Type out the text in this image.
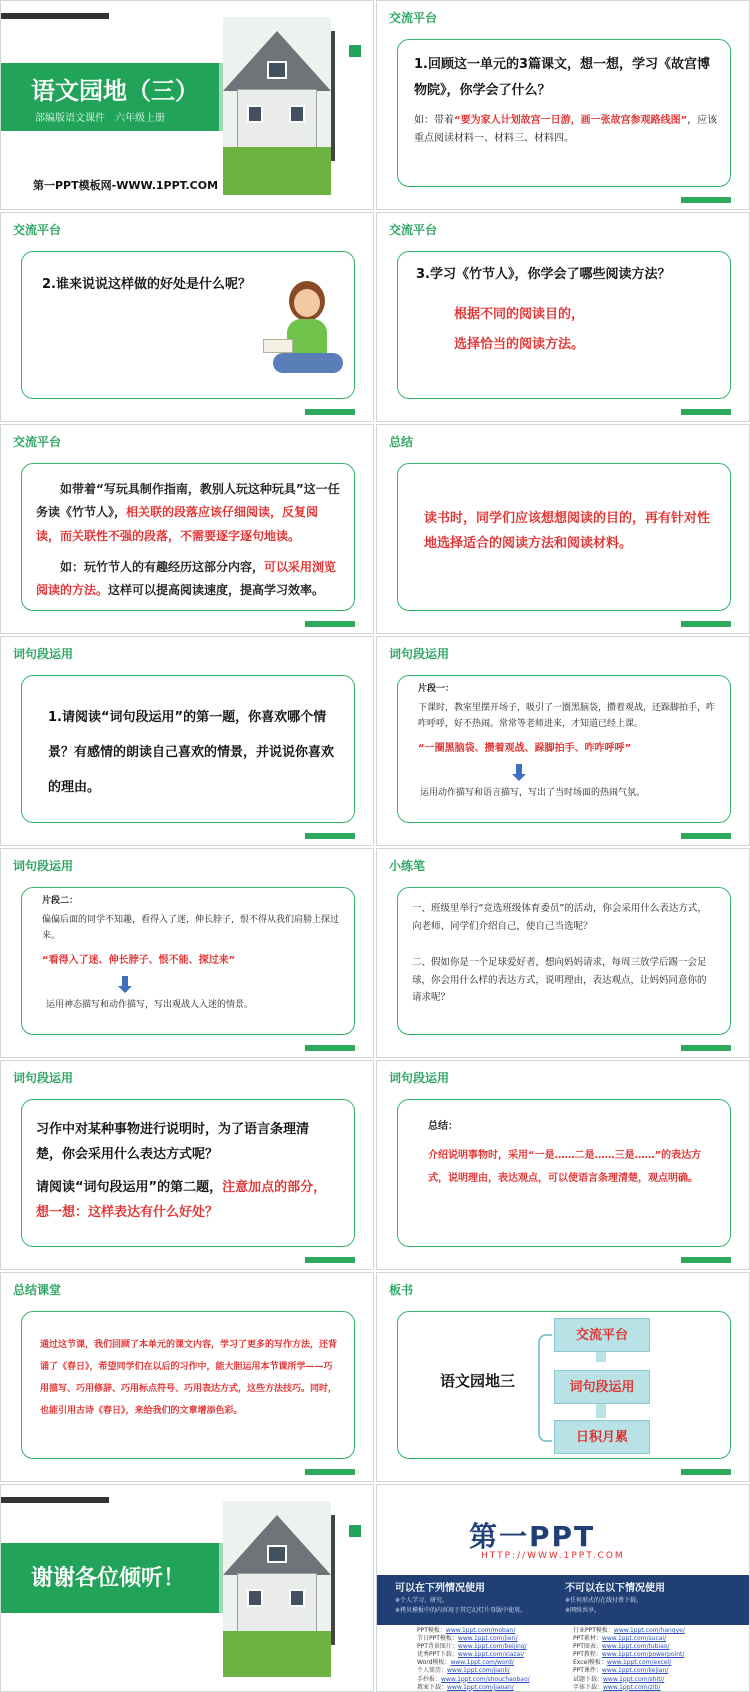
语文园地（三）
部编版语文课件　六年级上册
第一PPT模板网-WWW.1PPT.COM
交流平台
1.回顾这一单元的3篇课文，想一想，学习《故宫博物院》，你学会了什么？
如：带着“要为家人计划故宫一日游，画一张故宫参观路线图”，应该重点阅读材料一、材料三、材料四。
交流平台
2.谁来说说这样做的好处是什么呢？
交流平台
3.学习《竹节人》，你学会了哪些阅读方法？
根据不同的阅读目的，
选择恰当的阅读方法。
交流平台
如带着“写玩具制作指南，教别人玩这种玩具”这一任务读《竹节人》，相关联的段落应该仔细阅读，反复阅读，而关联性不强的段落，不需要逐字逐句地读。
如：玩竹节人的有趣经历这部分内容，可以采用浏览阅读的方法。这样可以提高阅读速度，提高学习效率。
总结
读书时，同学们应该想想阅读的目的，再有针对性地选择适合的阅读方法和阅读材料。
词句段运用
1.请阅读“词句段运用”的第一题，你喜欢哪个情景？有感情的朗读自己喜欢的情景，并说说你喜欢的理由。
词句段运用
片段一：
下课时，教室里摆开场子，吸引了一圈黑脑袋，攒着观战，还跺脚拍手，咋咋呼呼，好不热闹。常常等老师进来，才知道已经上课。
“一圈黑脑袋、攒着观战、跺脚拍手、咋咋呼呼”
运用动作描写和语言描写，写出了当时场面的热闹气氛。
词句段运用
片段二：
偏偏后面的同学不知趣，看得入了迷，伸长脖子，恨不得从我们肩膀上探过来。
“看得入了迷、伸长脖子、恨不能、探过来”
运用神态描写和动作描写，写出观战人入迷的情景。
小练笔
一、班级里举行“竞选班级体育委员”的活动，你会采用什么表达方式，向老师、同学们介绍自己，使自己当选呢？
二、假如你是一个足球爱好者，想向妈妈请求，每周三放学后踢一会足球，你会用什么样的表达方式，说明理由，表达观点，让妈妈同意你的请求呢？
词句段运用
习作中对某种事物进行说明时，为了语言条理清楚，你会采用什么表达方式呢？
请阅读“词句段运用”的第二题，注意加点的部分，想一想：这样表达有什么好处？
词句段运用
总结：
介绍说明事物时，采用“一是……二是……三是……”的表达方式，说明理由，表达观点，可以使语言条理清楚，观点明确。
总结课堂
通过这节课，我们回顾了本单元的课文内容，学习了更多的写作方法，还背诵了《春日》，希望同学们在以后的习作中，能大胆运用本节课所学——巧用描写、巧用修辞、巧用标点符号、巧用表达方式，这些方法技巧。同时，也能引用古诗《春日》，来给我们的文章增添色彩。
板书
语文园地三
交流平台
词句段运用
日积月累
谢谢各位倾听！
第一PPT
HTTP://WWW.1PPT.COM
可以在下列情况使用
※个人学习、研究。
※拷贝模板中的内容用于其它幻灯片母版中使用。
不可以在以下情况使用
※任何形式的在线付费下载。
※网络共享。
PPT模板：www.1ppt.com/moban/
节日PPT模板：www.1ppt.com/jieri/
PPT背景图片：www.1ppt.com/beijing/
优秀PPT下载：www.1ppt.com/xiazai/
Word模板：www.1ppt.com/word/
个人简历：www.1ppt.com/jianli/
手抄报：www.1ppt.com/shouchaobao/
教案下载：www.1ppt.com/jiaoan/
行业PPT模板：www.1ppt.com/hangye/
PPT素材：www.1ppt.com/sucai/
PPT图表：www.1ppt.com/tubiao/
PPT教程：www.1ppt.com/powerpoint/
Excel模板：www.1ppt.com/excel/
PPT课件：www.1ppt.com/kejian/
试题下载：www.1ppt.com/shiti/
字体下载：www.1ppt.com/ziti/
